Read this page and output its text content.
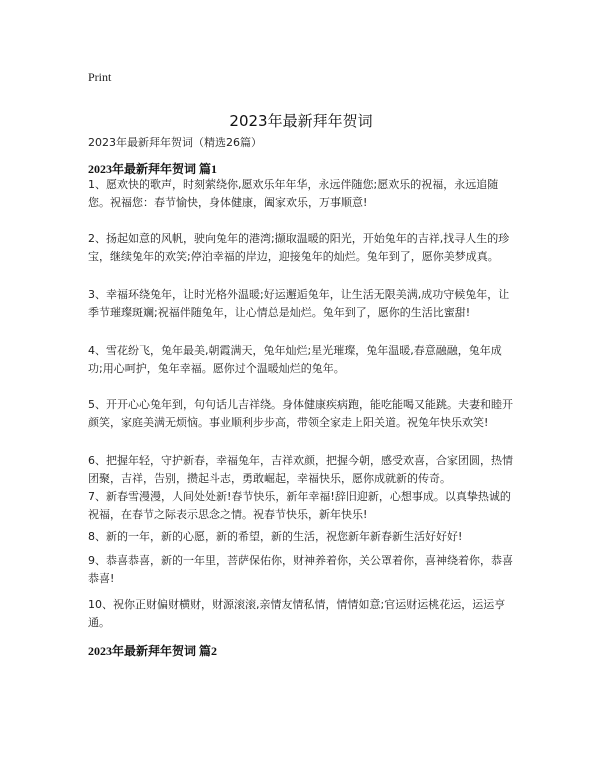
Print
2023年最新拜年贺词
2023年最新拜年贺词（精选26篇）
2023年最新拜年贺词 篇1

1、愿欢快的歌声，时刻萦绕你,愿欢乐年年华，永远伴随您;愿欢乐的祝福，永远追随您。祝福您：春节愉快，身体健康，阖家欢乐，万事顺意!

2、扬起如意的风帆，驶向兔年的港湾;撷取温暖的阳光，开始兔年的吉祥,找寻人生的珍宝，继续兔年的欢笑;停泊幸福的岸边，迎接兔年的灿烂。兔年到了，愿你美梦成真。

3、幸福环绕兔年，让时光格外温暖;好运邂逅兔年，让生活无限美满,成功守候兔年，让季节璀璨斑斓;祝福伴随兔年，让心情总是灿烂。兔年到了，愿你的生活比蜜甜!

4、雪花纷飞，兔年最美,朝霞满天，兔年灿烂;星光璀璨，兔年温暖,春意融融，兔年成功;用心呵护，兔年幸福。愿你过个温暖灿烂的兔年。

5、开开心心兔年到，句句话儿吉祥绕。身体健康疾病跑，能吃能喝又能跳。夫妻和睦开颜笑，家庭美满无烦恼。事业顺利步步高，带领全家走上阳关道。祝兔年快乐欢笑!

6、把握年轻，守护新春，幸福兔年，吉祥欢颜，把握今朝，感受欢喜，合家团圆，热情团聚，吉祥，告别，攒起斗志，勇敢崛起，幸福快乐，愿你成就新的传奇。

7、新春雪漫漫，人间处处新!春节快乐，新年幸福!辞旧迎新，心想事成。以真挚热诚的祝福，在春节之际表示思念之情。祝春节快乐，新年快乐!

8、新的一年，新的心愿，新的希望，新的生活，祝您新年新春新生活好好好!

9、恭喜恭喜，新的一年里，菩萨保佑你，财神养着你，关公罩着你，喜神绕着你，恭喜恭喜!

10、祝你正财偏财横财，财源滚滚,亲情友情私情，情情如意;官运财运桃花运，运运亨通。

2023年最新拜年贺词 篇2
